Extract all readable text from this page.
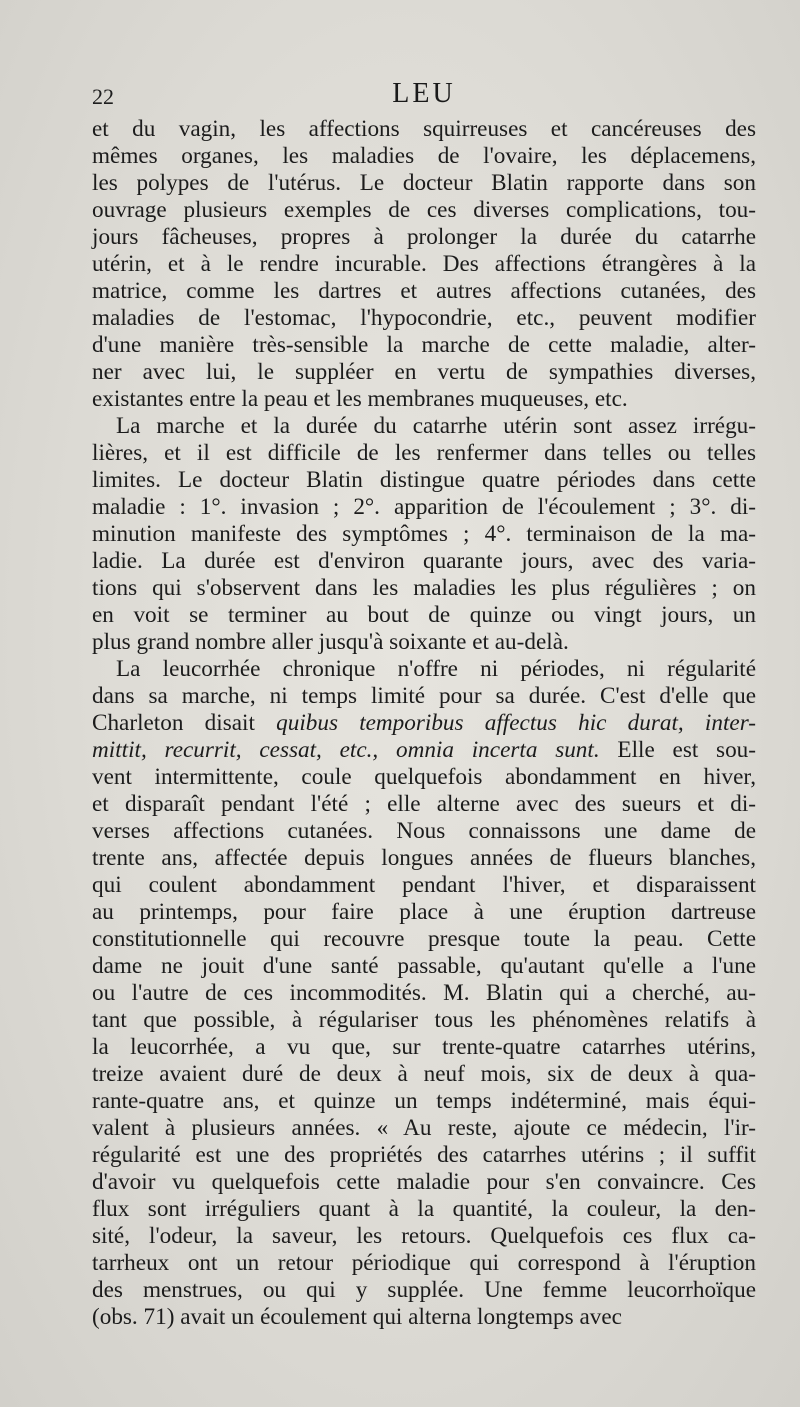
22	LEU
et du vagin, les affections squirreuses et cancéreuses des
mêmes organes, les maladies de l'ovaire, les déplacemens,
les polypes de l'utérus. Le docteur Blatin rapporte dans son
ouvrage plusieurs exemples de ces diverses complications, tou-
jours fâcheuses, propres à prolonger la durée du catarrhe
utérin, et à le rendre incurable. Des affections étrangères à la
matrice, comme les dartres et autres affections cutanées, des
maladies de l'estomac, l'hypocondrie, etc., peuvent modifier
d'une manière très-sensible la marche de cette maladie, alter-
ner avec lui, le suppléer en vertu de sympathies diverses,
existantes entre la peau et les membranes muqueuses, etc.
La marche et la durée du catarrhe utérin sont assez irrégu-
lières, et il est difficile de les renfermer dans telles ou telles
limites. Le docteur Blatin distingue quatre périodes dans cette
maladie : 1°. invasion ; 2°. apparition de l'écoulement ; 3°. di-
minution manifeste des symptômes ; 4°. terminaison de la ma-
ladie. La durée est d'environ quarante jours, avec des varia-
tions qui s'observent dans les maladies les plus régulières ; on
en voit se terminer au bout de quinze ou vingt jours, un
plus grand nombre aller jusqu'à soixante et au-delà.
La leucorrhée chronique n'offre ni périodes, ni régularité
dans sa marche, ni temps limité pour sa durée. C'est d'elle que
Charleton disait quibus temporibus affectus hic durat, inter-
mittit, recurrit, cessat, etc., omnia incerta sunt. Elle est sou-
vent intermittente, coule quelquefois abondamment en hiver,
et disparaît pendant l'été ; elle alterne avec des sueurs et di-
verses affections cutanées. Nous connaissons une dame de
trente ans, affectée depuis longues années de flueurs blanches,
qui coulent abondamment pendant l'hiver, et disparaissent
au printemps, pour faire place à une éruption dartreuse
constitutionnelle qui recouvre presque toute la peau. Cette
dame ne jouit d'une santé passable, qu'autant qu'elle a l'une
ou l'autre de ces incommodités. M. Blatin qui a cherché, au-
tant que possible, à régulariser tous les phénomènes relatifs à
la leucorrhée, a vu que, sur trente-quatre catarrhes utérins,
treize avaient duré de deux à neuf mois, six de deux à qua-
rante-quatre ans, et quinze un temps indéterminé, mais équi-
valent à plusieurs années. « Au reste, ajoute ce médecin, l'ir-
régularité est une des propriétés des catarrhes utérins ; il suffit
d'avoir vu quelquefois cette maladie pour s'en convaincre. Ces
flux sont irréguliers quant à la quantité, la couleur, la den-
sité, l'odeur, la saveur, les retours. Quelquefois ces flux ca-
tarrheux ont un retour périodique qui correspond à l'éruption
des menstrues, ou qui y supplée. Une femme leucorrhoïque
(obs. 71) avait un écoulement qui alterna longtemps avec
